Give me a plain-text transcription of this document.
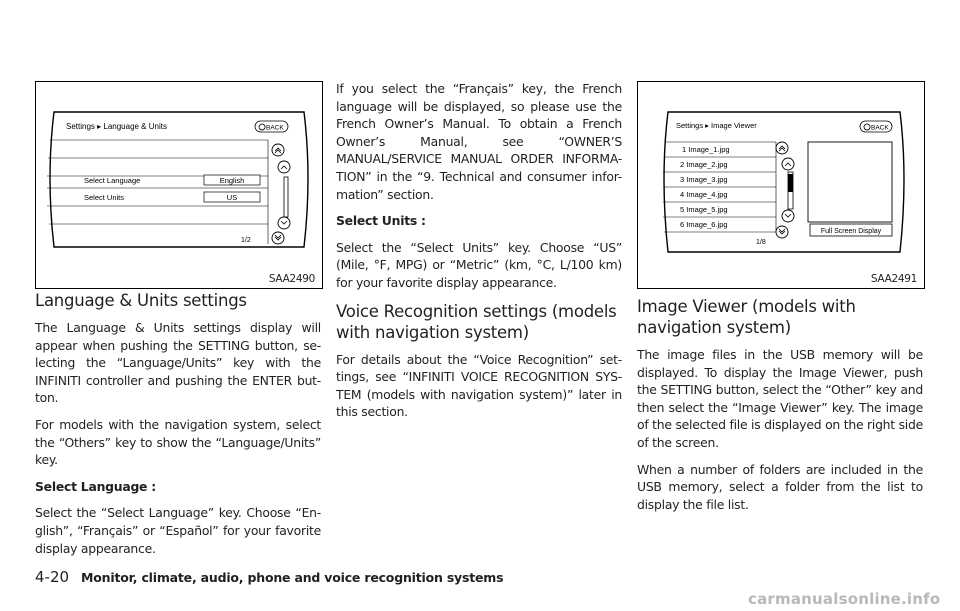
Settings ▸ Language & Units	BACK
Select Language	English
Select Units	US
1/2
SAA2490
Settings ▸ Image Viewer	BACK
1 Image_1.jpg
2 Image_2.jpg
3 Image_3.jpg
4 Image_4.jpg
5 Image_5.jpg
6 Image_6.jpg
1/8
Full Screen Display
SAA2491
Language & Units settings

The Language & Units settings display will appear when pushing the SETTING button, se-lecting the “Language/Units” key with the INFINITI controller and pushing the ENTER but-ton.

For models with the navigation system, select the “Others” key to show the “Language/Units” key.

Select Language :

Select the “Select Language” key. Choose “En-glish”, “Français” or “Español” for your favorite display appearance.

If you select the “Français” key, the French language will be displayed, so please use the French Owner’s Manual. To obtain a French Owner’s Manual, see “OWNER’S MANUAL/SERVICE MANUAL ORDER INFORMA-TION” in the “9. Technical and consumer infor-mation” section.

Select Units :

Select the “Select Units” key. Choose “US” (Mile, °F, MPG) or “Metric” (km, °C, L/100 km) for your favorite display appearance.

Voice Recognition settings (models with navigation system)

For details about the “Voice Recognition” set-tings, see “INFINITI VOICE RECOGNITION SYS-TEM (models with navigation system)” later in this section.

Image Viewer (models with navigation system)

The image files in the USB memory will be displayed. To display the Image Viewer, push the SETTING button, select the “Other” key and then select the “Image Viewer” key. The image of the selected file is displayed on the right side of the screen.

When a number of folders are included in the USB memory, select a folder from the list to display the file list.

4-20 Monitor, climate, audio, phone and voice recognition systems
carmanualsonline.info
